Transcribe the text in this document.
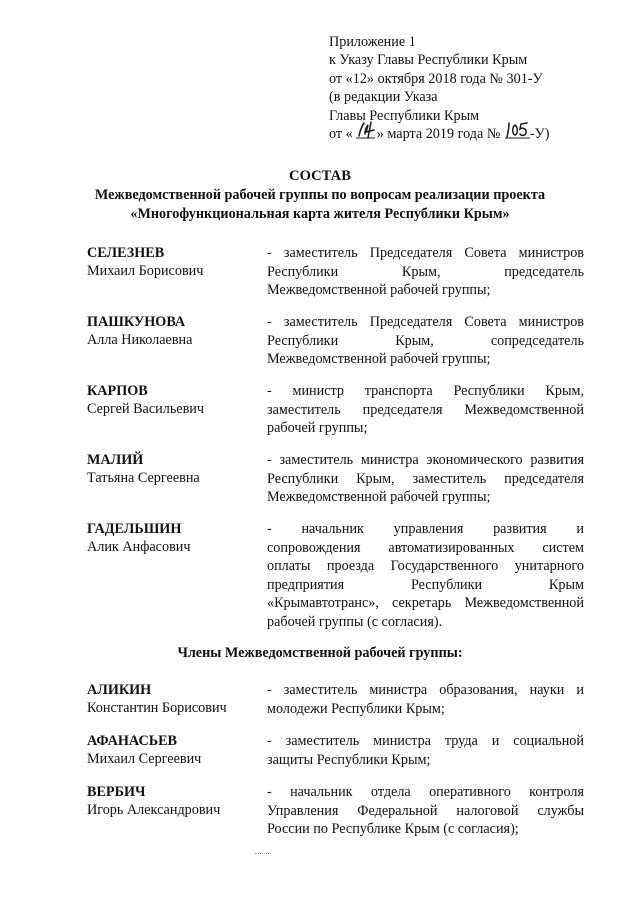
Приложение 1
к Указу Главы Республики Крым
от «12» октября 2018 года № 301-У
(в редакции Указа
Главы Республики Крым
от « » марта 2019 года № -У)
СОСТАВ
Межведомственной рабочей группы по вопросам реализации проекта
«Многофункциональная карта жителя Республики Крым»
СЕЛЕЗНЕВ
Михаил Борисович
- заместитель Председателя Совета министров
Республики Крым, председатель
Межведомственной рабочей группы;
ПАШКУНОВА
Алла Николаевна
- заместитель Председателя Совета министров
Республики Крым, сопредседатель
Межведомственной рабочей группы;
КАРПОВ
Сергей Васильевич
- министр транспорта Республики Крым,
заместитель председателя Межведомственной
рабочей группы;
МАЛИЙ
Татьяна Сергеевна
- заместитель министра экономического развития
Республики Крым, заместитель председателя
Межведомственной рабочей группы;
ГАДЕЛЬШИН
Алик Анфасович
- начальник управления развития и
сопровождения автоматизированных систем
оплаты проезда Государственного унитарного
предприятия Республики Крым
«Крымавтотранс», секретарь Межведомственной
рабочей группы (с согласия).
Члены Межведомственной рабочей группы:
АЛИКИН
Константин Борисович
- заместитель министра образования, науки и
молодежи Республики Крым;
АФАНАСЬЕВ
Михаил Сергеевич
- заместитель министра труда и социальной
защиты Республики Крым;
ВЕРБИЧ
Игорь Александрович
- начальник отдела оперативного контроля
Управления Федеральной налоговой службы
России по Республике Крым (с согласия);
